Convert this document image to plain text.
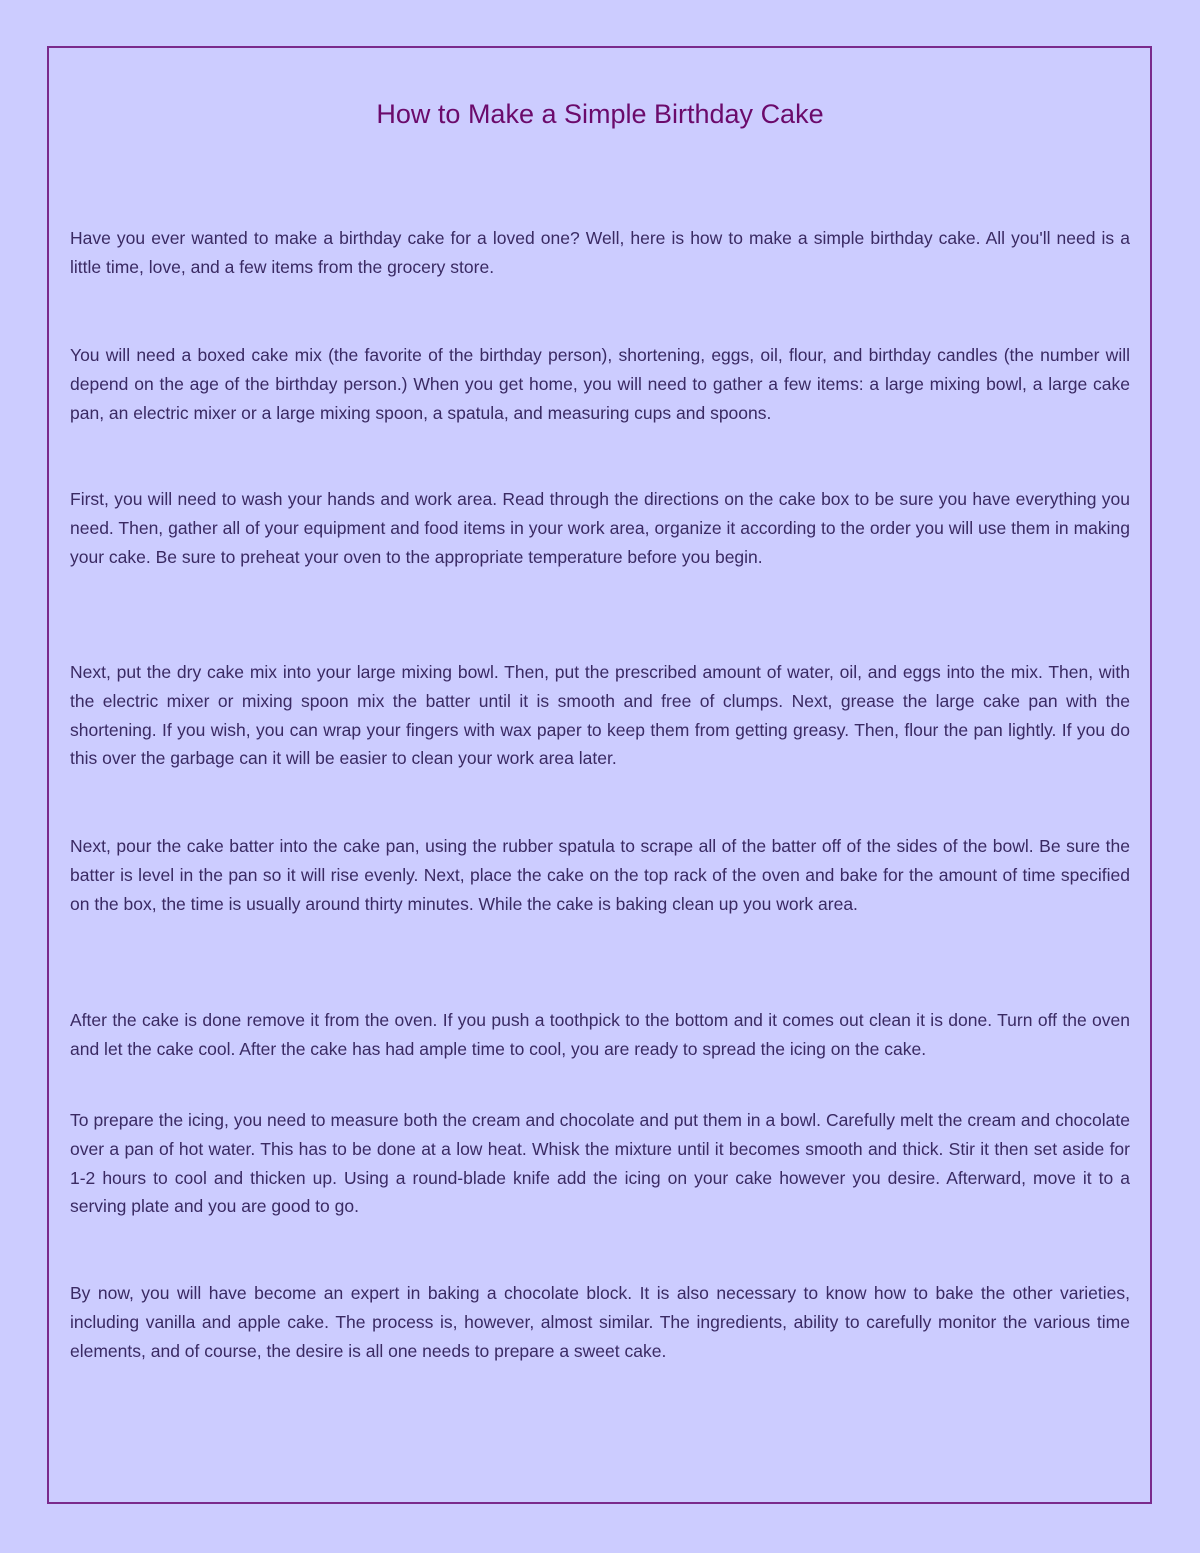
How to Make a Simple Birthday Cake

Have you ever wanted to make a birthday cake for a loved one? Well, here is how to make a simple birthday cake. All you'll need is a little time, love, and a few items from the grocery store.

You will need a boxed cake mix (the favorite of the birthday person), shortening, eggs, oil, flour, and birthday candles (the number will depend on the age of the birthday person.) When you get home, you will need to gather a few items: a large mixing bowl, a large cake pan, an electric mixer or a large mixing spoon, a spatula, and measuring cups and spoons.

First, you will need to wash your hands and work area. Read through the directions on the cake box to be sure you have everything you need. Then, gather all of your equipment and food items in your work area, organize it according to the order you will use them in making your cake. Be sure to preheat your oven to the appropriate temperature before you begin.

Next, put the dry cake mix into your large mixing bowl. Then, put the prescribed amount of water, oil, and eggs into the mix. Then, with the electric mixer or mixing spoon mix the batter until it is smooth and free of clumps. Next, grease the large cake pan with the shortening. If you wish, you can wrap your fingers with wax paper to keep them from getting greasy. Then, flour the pan lightly. If you do this over the garbage can it will be easier to clean your work area later.

Next, pour the cake batter into the cake pan, using the rubber spatula to scrape all of the batter off of the sides of the bowl. Be sure the batter is level in the pan so it will rise evenly. Next, place the cake on the top rack of the oven and bake for the amount of time specified on the box, the time is usually around thirty minutes. While the cake is baking clean up you work area.

After the cake is done remove it from the oven. If you push a toothpick to the bottom and it comes out clean it is done. Turn off the oven and let the cake cool. After the cake has had ample time to cool, you are ready to spread the icing on the cake.

To prepare the icing, you need to measure both the cream and chocolate and put them in a bowl. Carefully melt the cream and chocolate over a pan of hot water. This has to be done at a low heat. Whisk the mixture until it becomes smooth and thick. Stir it then set aside for 1-2 hours to cool and thicken up. Using a round-blade knife add the icing on your cake however you desire. Afterward, move it to a serving plate and you are good to go.

By now, you will have become an expert in baking a chocolate block. It is also necessary to know how to bake the other varieties, including vanilla and apple cake. The process is, however, almost similar. The ingredients, ability to carefully monitor the various time elements, and of course, the desire is all one needs to prepare a sweet cake.
